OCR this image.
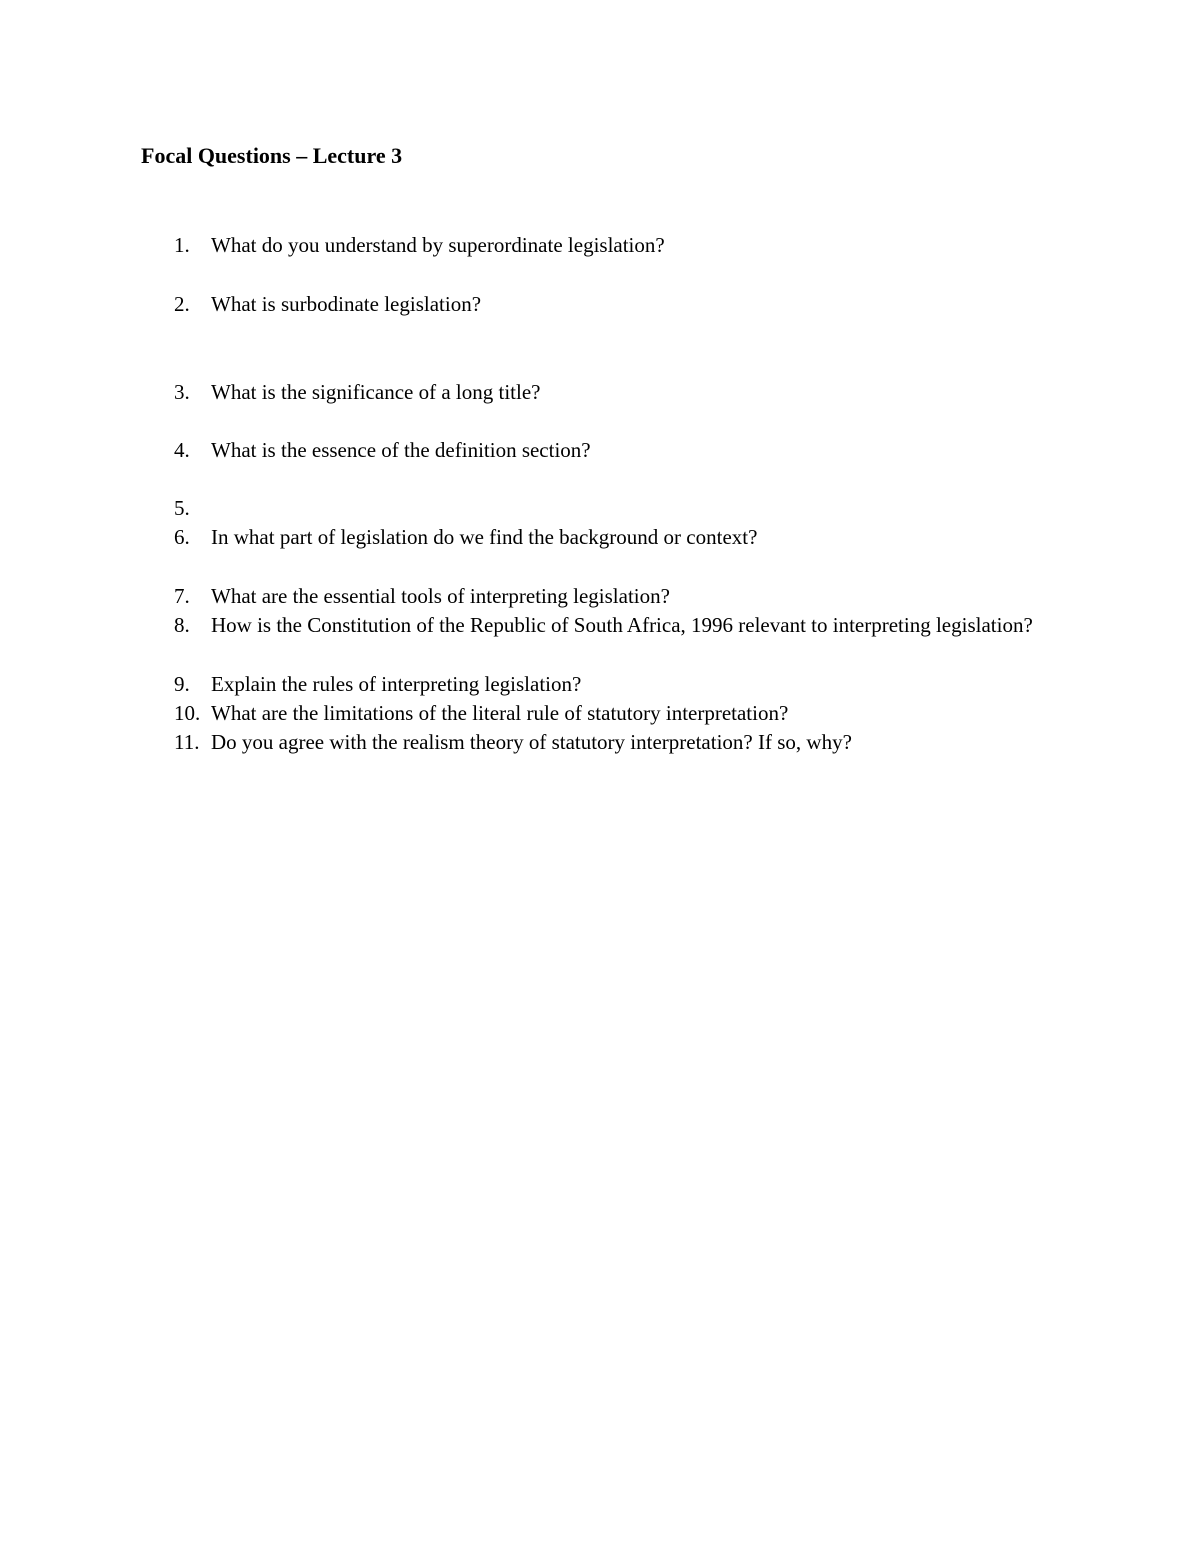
Focal Questions – Lecture 3
1. What do you understand by superordinate legislation?
2. What is surbodinate legislation?
3. What is the significance of a long title?
4. What is the essence of the definition section?
5.
6. In what part of legislation do we find the background or context?
7. What are the essential tools of interpreting legislation?
8. How is the Constitution of the Republic of South Africa, 1996 relevant to interpreting legislation?
9. Explain the rules of interpreting legislation?
10. What are the limitations of the literal rule of statutory interpretation?
11. Do you agree with the realism theory of statutory interpretation? If so, why?
